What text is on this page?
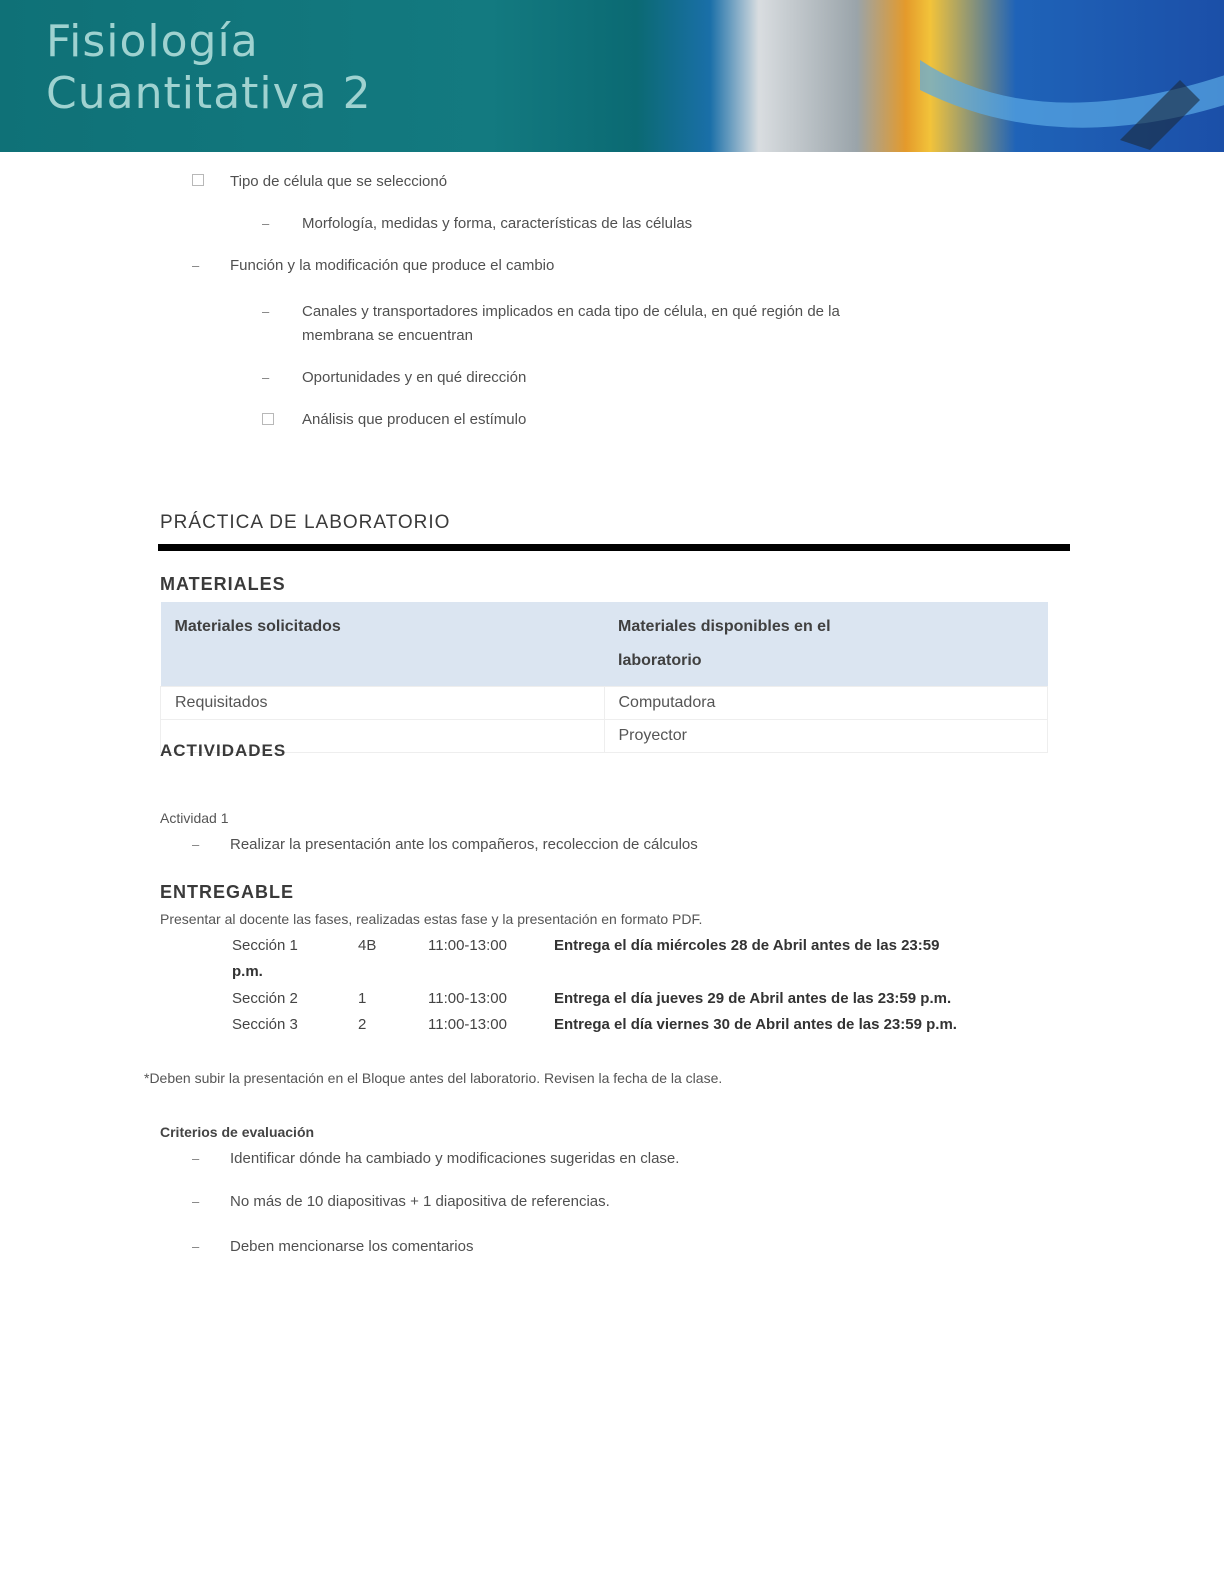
Fisiología
Cuantitativa 2
Tipo de célula que se seleccionó
– Morfología, medidas y forma, características de las células
– Función y la modificación que produce el cambio
– Canales y transportadores implicados en cada tipo de célula, en qué región de la
membrana se encuentran
– Oportunidades y en qué dirección
Análisis que producen el estímulo
PRÁCTICA DE LABORATORIO
MATERIALES
Materiales solicitados	Materiales disponibles en el
laboratorio

Requisitados	Computadora
	Proyector
ACTIVIDADES
Actividad 1
– Realizar la presentación ante los compañeros, recoleccion de cálculos
ENTREGABLE
Presentar al docente las fases, realizadas estas fase y la presentación en formato PDF.
Sección 1	4B	11:00-13:00	Entrega el día miércoles 28 de Abril antes de las 23:59
p.m.
Sección 2	1	11:00-13:00	Entrega el día jueves 29 de Abril antes de las 23:59 p.m.
Sección 3	2	11:00-13:00	Entrega el día viernes 30 de Abril antes de las 23:59 p.m.
*Deben subir la presentación en el Bloque antes del laboratorio. Revisen la fecha de la clase.
Criterios de evaluación
– Identificar dónde ha cambiado y modificaciones sugeridas en clase.
– No más de 10 diapositivas + 1 diapositiva de referencias.
– Deben mencionarse los comentarios
